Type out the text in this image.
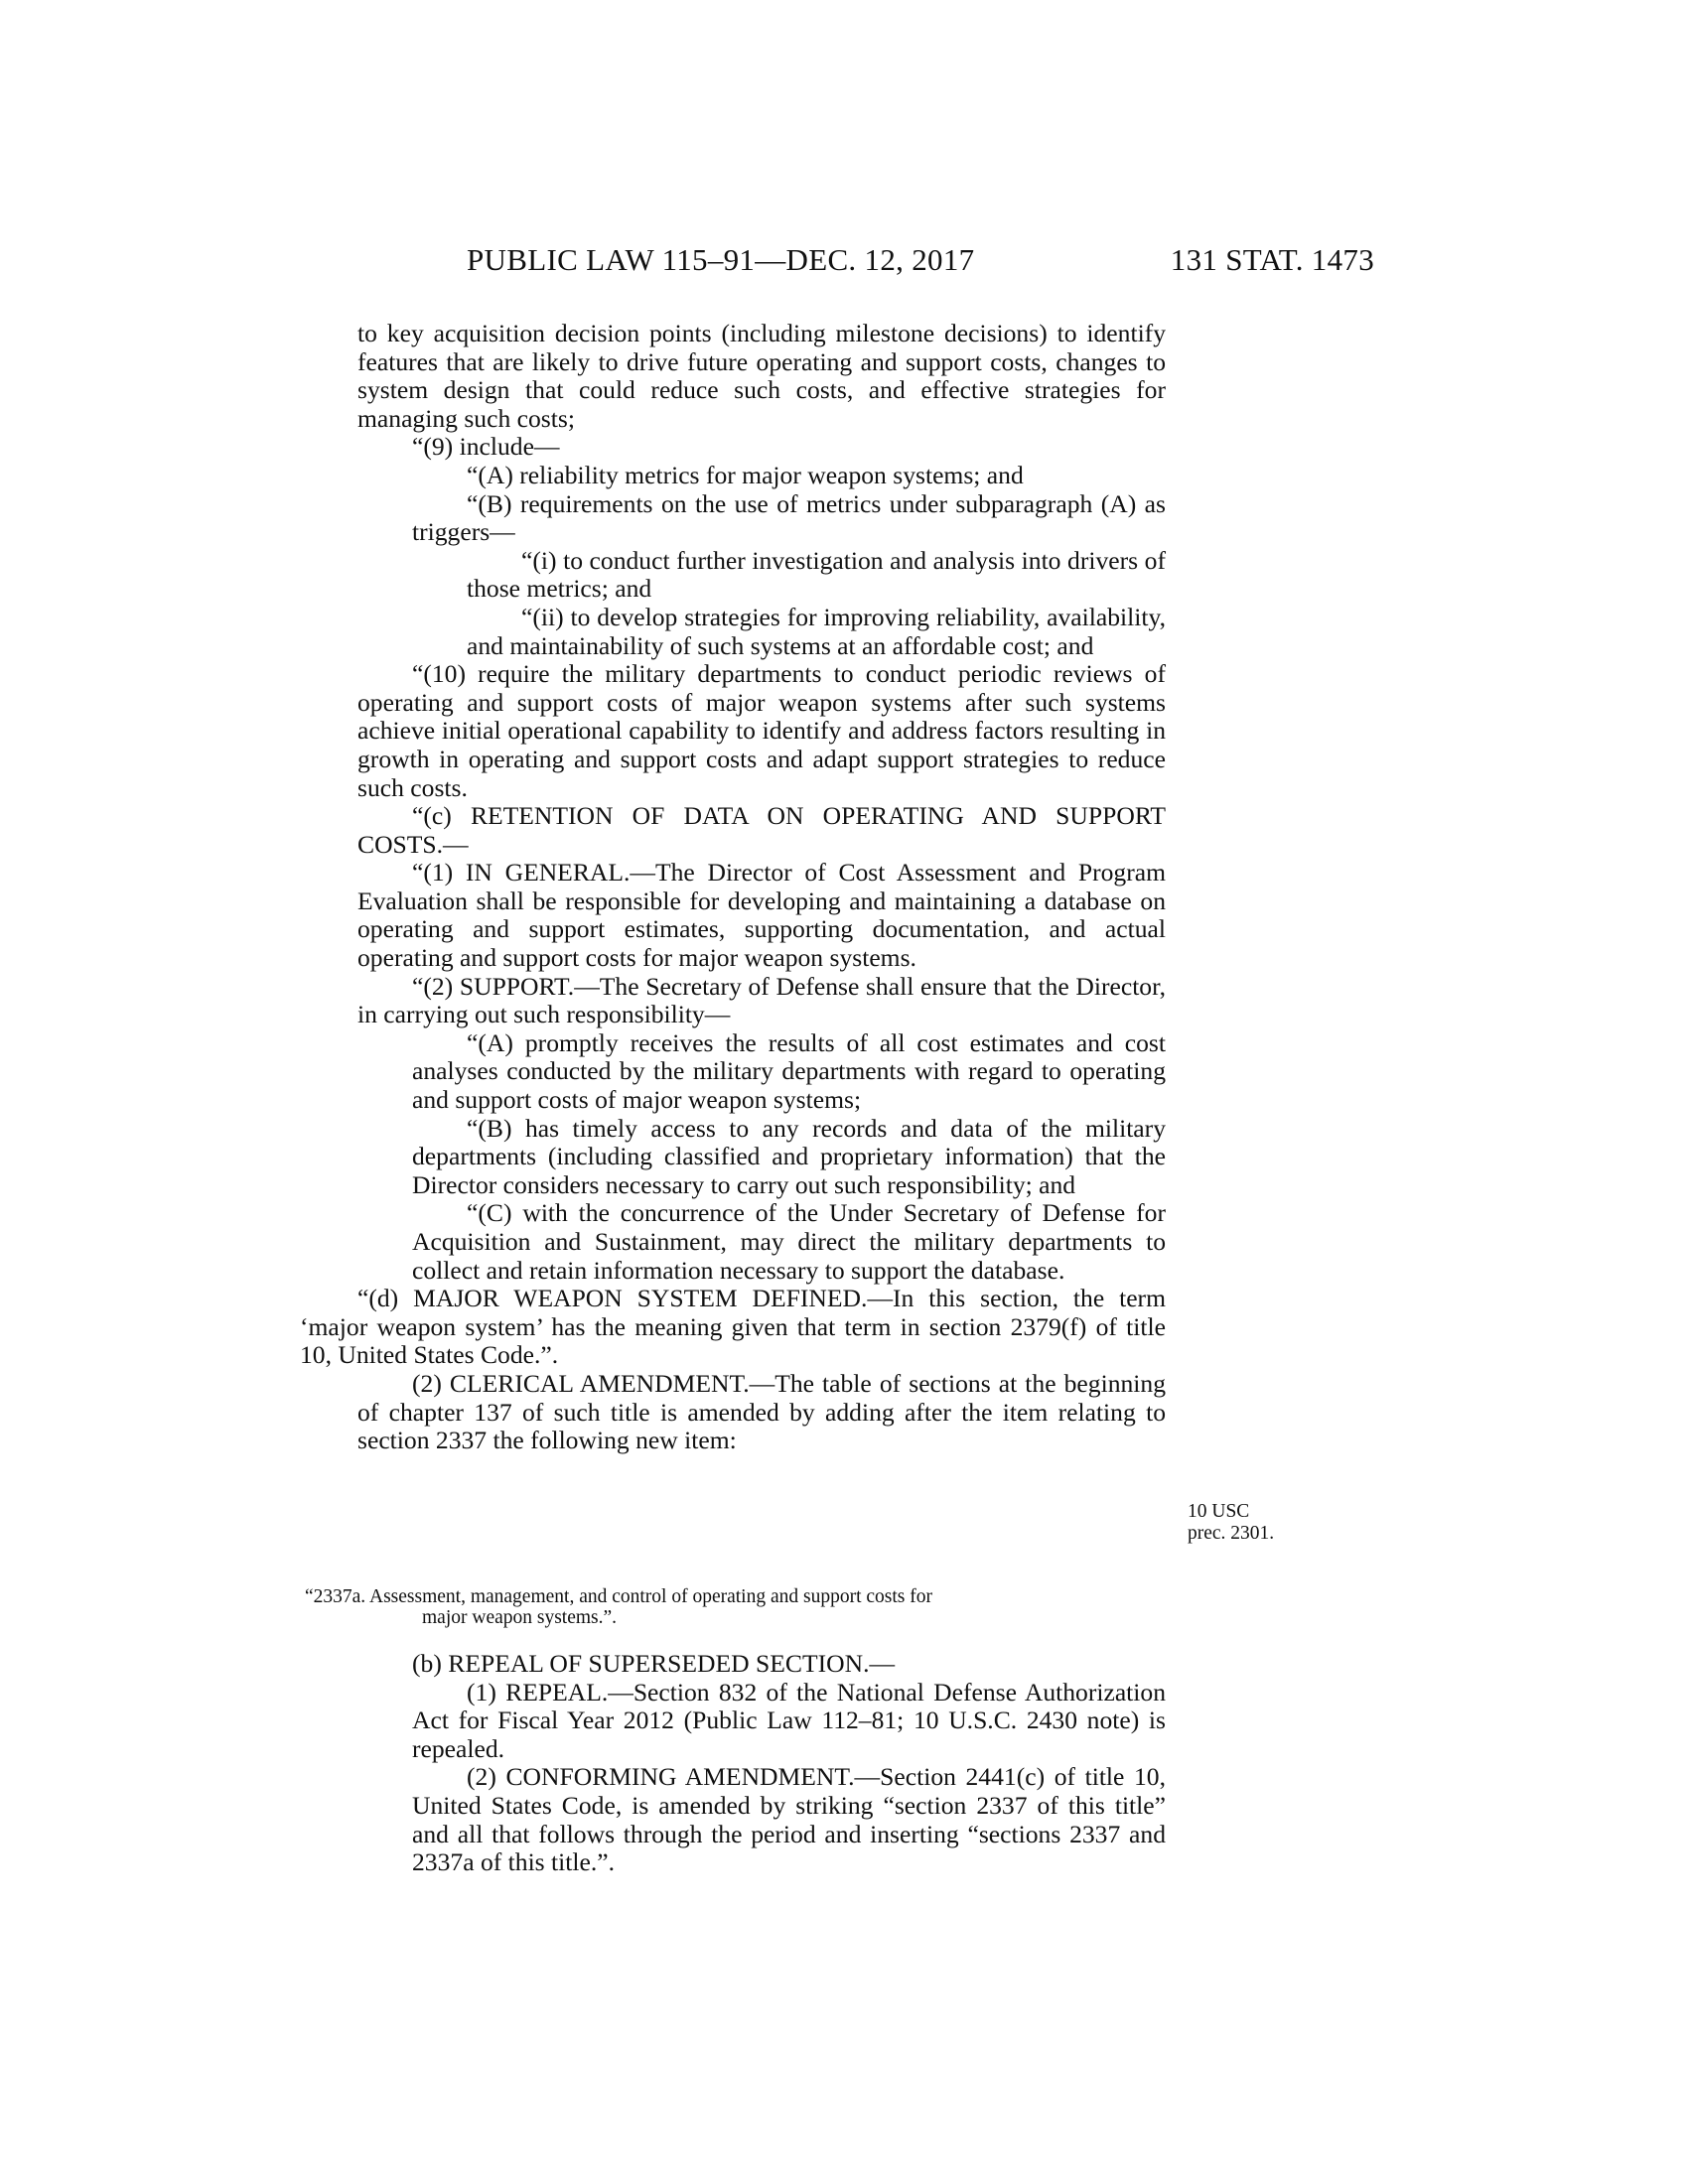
PUBLIC LAW 115–91—DEC. 12, 2017	131 STAT. 1473

to key acquisition decision points (including milestone decisions) to identify features that are likely to drive future operating and support costs, changes to system design that could reduce such costs, and effective strategies for managing such costs;

“(9) include—

“(A) reliability metrics for major weapon systems; and

“(B) requirements on the use of metrics under subparagraph (A) as triggers—

“(i) to conduct further investigation and analysis into drivers of those metrics; and

“(ii) to develop strategies for improving reliability, availability, and maintainability of such systems at an affordable cost; and

“(10) require the military departments to conduct periodic reviews of operating and support costs of major weapon systems after such systems achieve initial operational capability to identify and address factors resulting in growth in operating and support costs and adapt support strategies to reduce such costs.

“(c) RETENTION OF DATA ON OPERATING AND SUPPORT COSTS.—

“(1) IN GENERAL.—The Director of Cost Assessment and Program Evaluation shall be responsible for developing and maintaining a database on operating and support estimates, supporting documentation, and actual operating and support costs for major weapon systems.

“(2) SUPPORT.—The Secretary of Defense shall ensure that the Director, in carrying out such responsibility—

“(A) promptly receives the results of all cost estimates and cost analyses conducted by the military departments with regard to operating and support costs of major weapon systems;

“(B) has timely access to any records and data of the military departments (including classified and proprietary information) that the Director considers necessary to carry out such responsibility; and

“(C) with the concurrence of the Under Secretary of Defense for Acquisition and Sustainment, may direct the military departments to collect and retain information necessary to support the database.

“(d) MAJOR WEAPON SYSTEM DEFINED.—In this section, the term ‘major weapon system’ has the meaning given that term in section 2379(f) of title 10, United States Code.”.

(2) CLERICAL AMENDMENT.—The table of sections at the beginning of chapter 137 of such title is amended by adding after the item relating to section 2337 the following new item:

10 USC
prec. 2301.
“2337a. Assessment, management, and control of operating and support costs for
major weapon systems.”.

(b) REPEAL OF SUPERSEDED SECTION.—

(1) REPEAL.—Section 832 of the National Defense Authorization Act for Fiscal Year 2012 (Public Law 112–81; 10 U.S.C. 2430 note) is repealed.

(2) CONFORMING AMENDMENT.—Section 2441(c) of title 10, United States Code, is amended by striking “section 2337 of this title” and all that follows through the period and inserting “sections 2337 and 2337a of this title.”.
